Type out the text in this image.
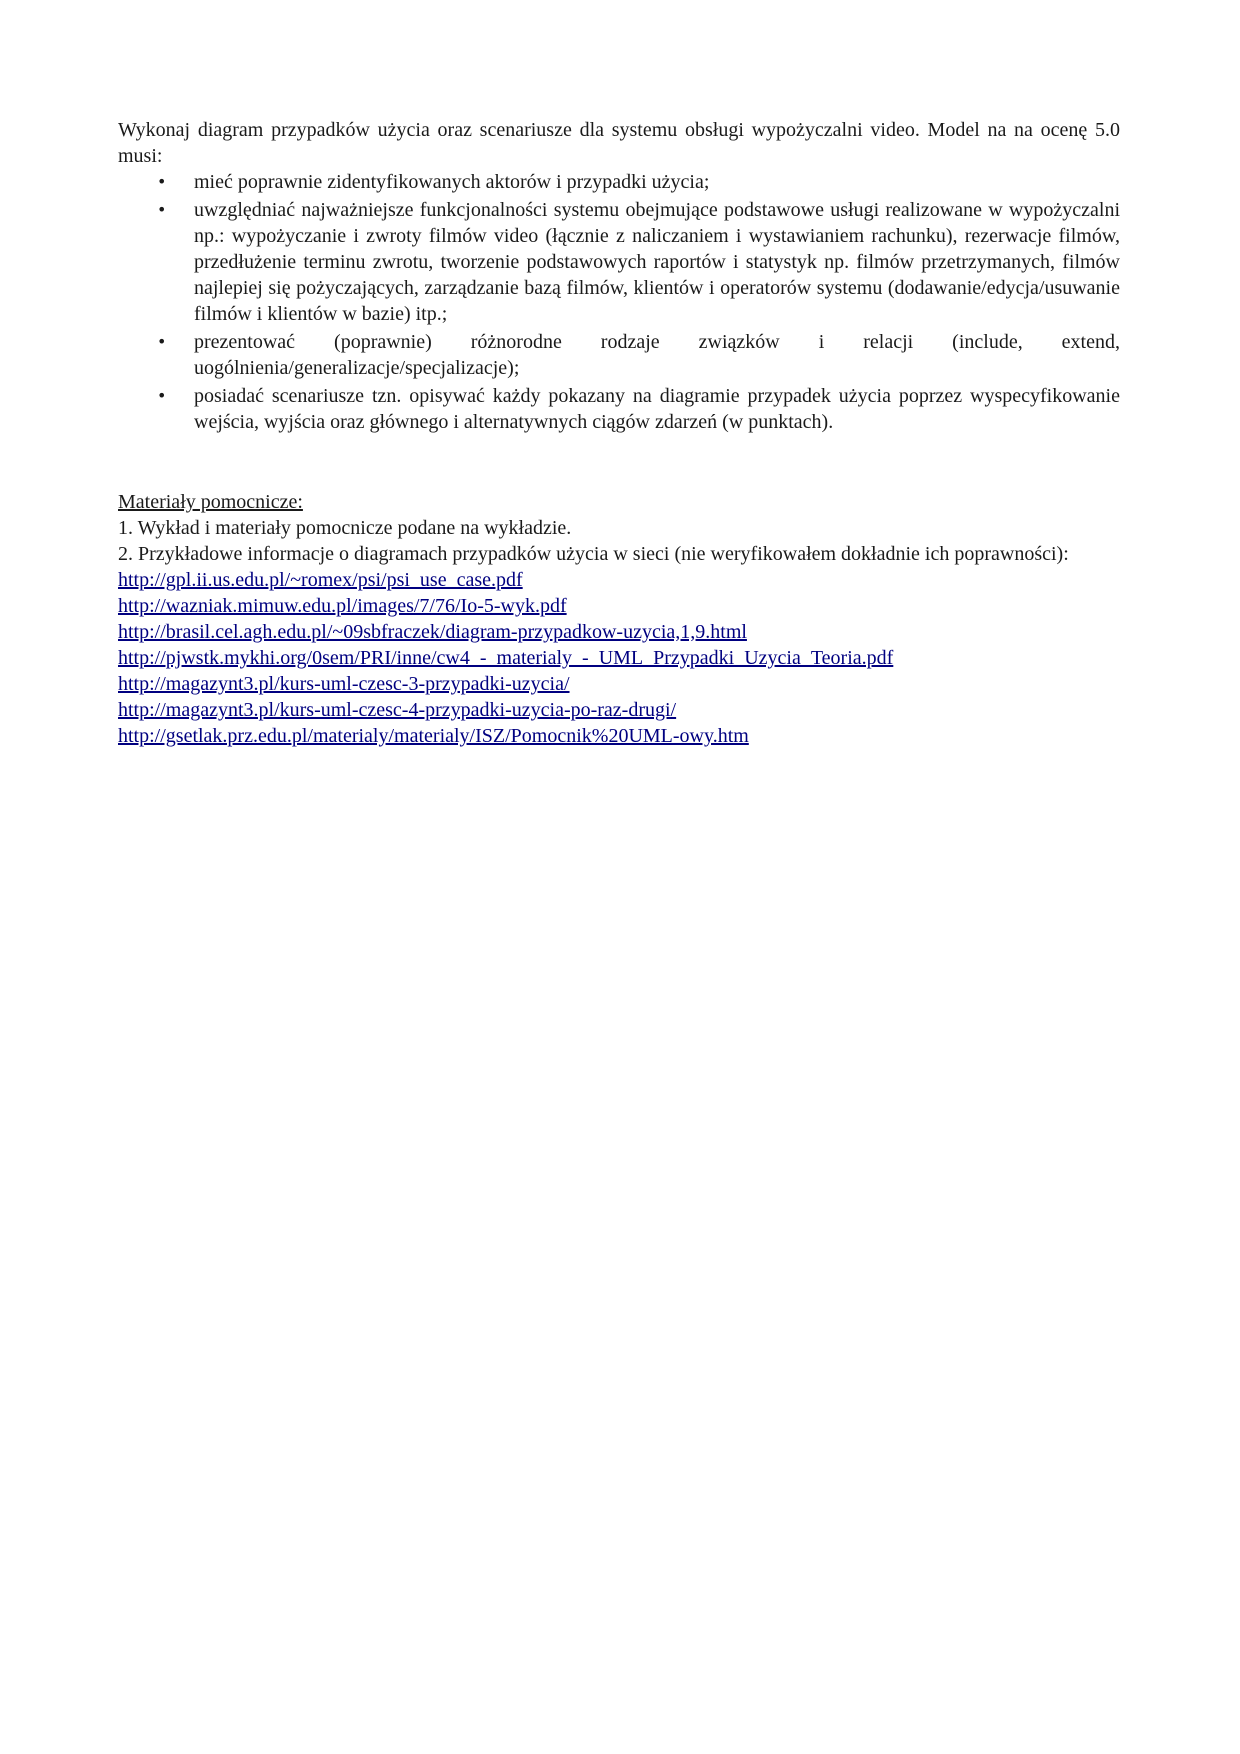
Wykonaj diagram przypadków użycia oraz scenariusze dla systemu obsługi wypożyczalni video. Model na na ocenę 5.0 musi:

• mieć poprawnie zidentyfikowanych aktorów i przypadki użycia;
• uwzględniać najważniejsze funkcjonalności systemu obejmujące podstawowe usługi realizowane w wypożyczalni np.: wypożyczanie i zwroty filmów video (łącznie z naliczaniem i wystawianiem rachunku), rezerwacje filmów, przedłużenie terminu zwrotu, tworzenie podstawowych raportów i statystyk np. filmów przetrzymanych, filmów najlepiej się pożyczających, zarządzanie bazą filmów, klientów i operatorów systemu (dodawanie/edycja/usuwanie filmów i klientów w bazie) itp.;
• prezentować (poprawnie) różnorodne rodzaje związków i relacji (include, extend, uogólnienia/generalizacje/specjalizacje);
• posiadać scenariusze tzn. opisywać każdy pokazany na diagramie przypadek użycia poprzez wyspecyfikowanie wejścia, wyjścia oraz głównego i alternatywnych ciągów zdarzeń (w punktach).

Materiały pomocnicze:

1. Wykład i materiały pomocnicze podane na wykładzie.
2. Przykładowe informacje o diagramach przypadków użycia w sieci (nie weryfikowałem dokładnie ich poprawności):
http://gpl.ii.us.edu.pl/~romex/psi/psi_use_case.pdf
http://wazniak.mimuw.edu.pl/images/7/76/Io-5-wyk.pdf
http://brasil.cel.agh.edu.pl/~09sbfraczek/diagram-przypadkow-uzycia,1,9.html
http://pjwstk.mykhi.org/0sem/PRI/inne/cw4_-_materialy_-_UML_Przypadki_Uzycia_Teoria.pdf
http://magazynt3.pl/kurs-uml-czesc-3-przypadki-uzycia/
http://magazynt3.pl/kurs-uml-czesc-4-przypadki-uzycia-po-raz-drugi/
http://gsetlak.prz.edu.pl/materialy/materialy/ISZ/Pomocnik%20UML-owy.htm
